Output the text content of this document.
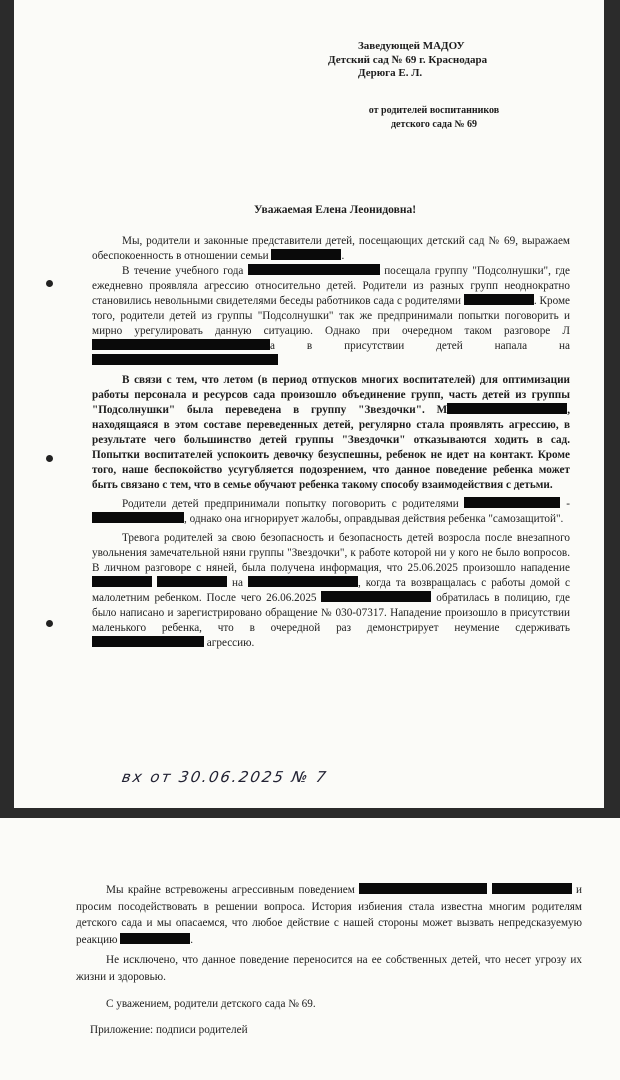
Заведующей МАДОУ
Детский сад № 69 г. Краснодара
Дерюга Е. Л.
от родителей воспитанников
детского сада № 69
Уважаемая Елена Леонидовна!

Мы, родители и законные представители детей, посещающих детский сад № 69, выражаем обеспокоенность в отношении семьи	.

В течение учебного года	посещала группу "Подсолнушки", где ежедневно проявляла агрессию относительно детей. Родители из разных групп неоднократно становились невольными свидетелями беседы работников сада с родителями	. Кроме того, родители детей из группы "Подсолнушки" так же предпринимали попытки поговорить и мирно урегулировать данную ситуацию. Однако при очередном таком разговоре Ла в присутствии детей напала на

В связи с тем, что летом (в период отпусков многих воспитателей) для оптимизации работы персонала и ресурсов сада произошло объединение групп, часть детей из группы "Подсолнушки" была переведена в группу "Звездочки". М	, находящаяся в этом составе переведенных детей, регулярно стала проявлять агрессию, в результате чего большинство детей группы "Звездочки" отказываются ходить в сад. Попытки воспитателей успокоить девочку безуспешны, ребенок не идет на контакт. Кроме того, наше беспокойство усугубляется подозрением, что данное поведение ребенка может быть связано с тем, что в семье обучают ребенка такому способу взаимодействия с детьми.

Родители детей предпринимали попытку поговорить с родителями	- , однако она игнорирует жалобы, оправдывая действия ребенка "самозащитой".

Тревога родителей за свою безопасность и безопасность детей возросла после внезапного увольнения замечательной няни группы "Звездочки", к работе которой ни у кого не было вопросов. В личном разговоре с няней, была получена информация, что 25.06.2025 произошло нападение   на	, когда та возвращалась с работы домой с малолетним ребенком. После чего 26.06.2025	обратилась в полицию, где было написано и зарегистрировано обращение № 030-07317. Нападение произошло в присутствии маленького ребенка, что в очередной раз демонстрирует неумение сдерживать  агрессию.

вх от 30.06.2025 № 7

Мы крайне встревожены агрессивным поведением	и просим посодействовать в решении вопроса. История избиения стала известна многим родителям детского сада и мы опасаемся, что любое действие с нашей стороны может вызвать непредсказуемую реакцию	.

Не исключено, что данное поведение переносится на ее собственных детей, что несет угрозу их жизни и здоровью.

С уважением, родители детского сада № 69.

Приложение: подписи родителей
